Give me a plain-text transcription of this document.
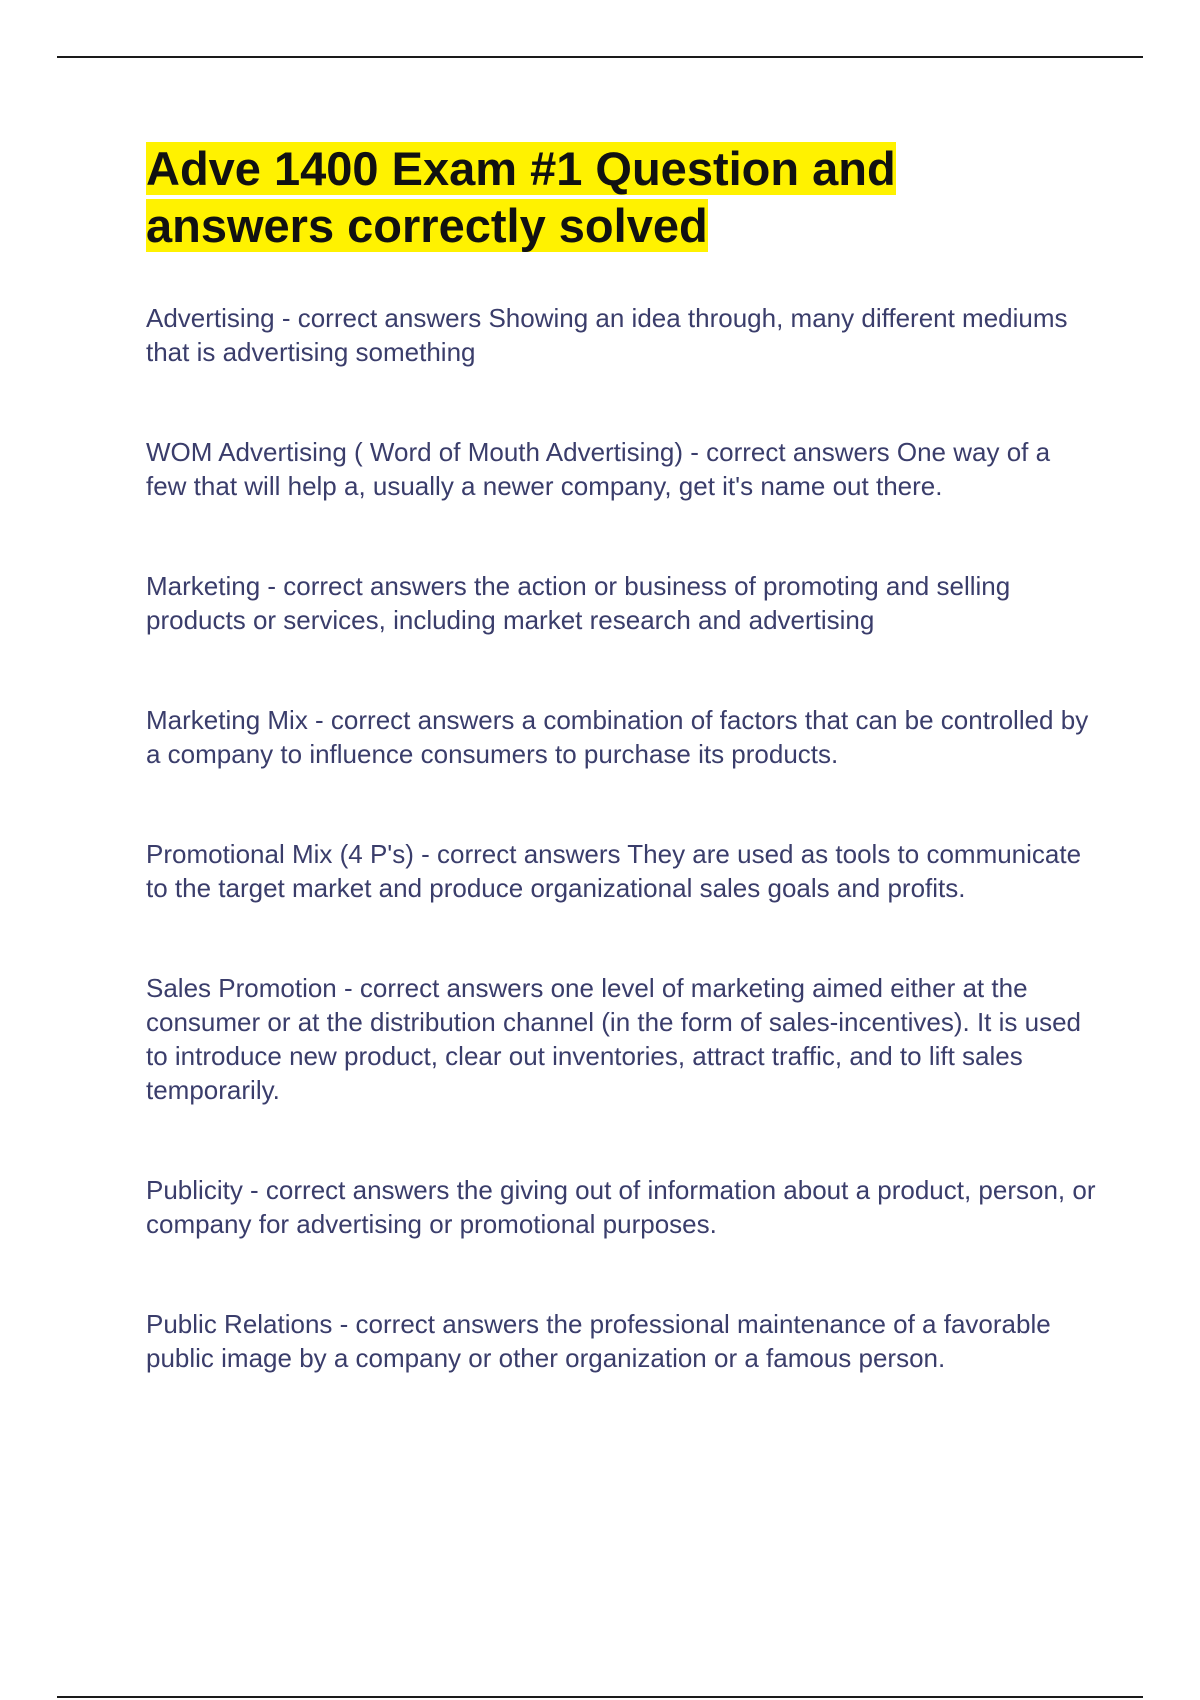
Adve 1400 Exam #1 Question and answers correctly solved

Advertising - correct answers Showing an idea through, many different mediums that is advertising something

WOM Advertising ( Word of Mouth Advertising) - correct answers One way of a few that will help a, usually a newer company, get it's name out there.

Marketing - correct answers the action or business of promoting and selling products or services, including market research and advertising

Marketing Mix - correct answers a combination of factors that can be controlled by a company to influence consumers to purchase its products.

Promotional Mix (4 P's) - correct answers They are used as tools to communicate to the target market and produce organizational sales goals and profits.

Sales Promotion - correct answers one level of marketing aimed either at the consumer or at the distribution channel (in the form of sales-incentives). It is used to introduce new product, clear out inventories, attract traffic, and to lift sales temporarily.

Publicity - correct answers the giving out of information about a product, person, or company for advertising or promotional purposes.

Public Relations - correct answers the professional maintenance of a favorable public image by a company or other organization or a famous person.
